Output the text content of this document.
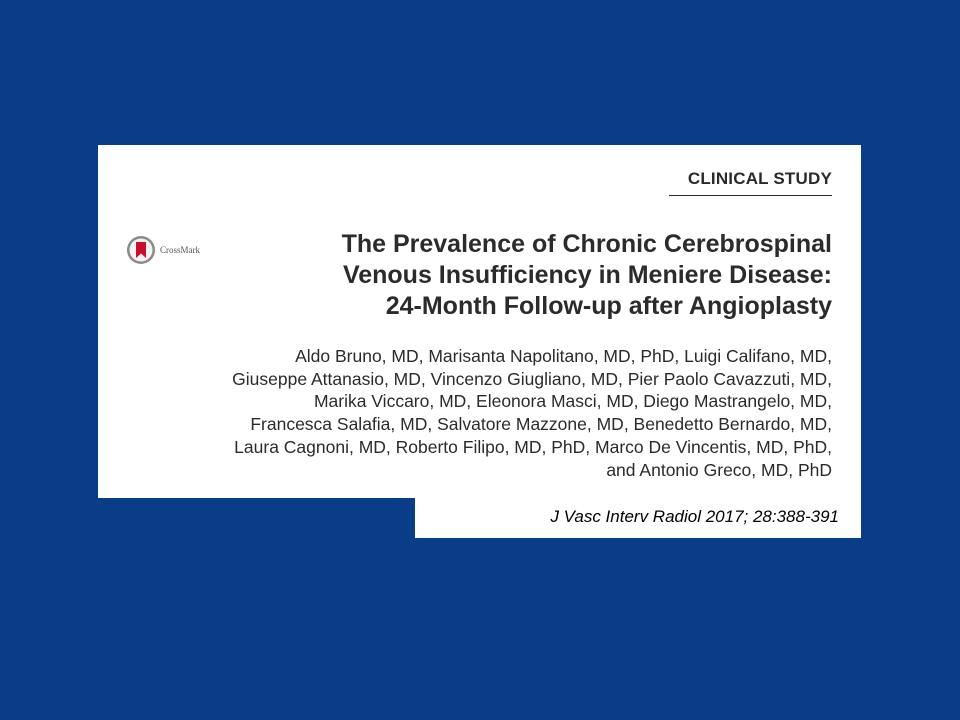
CLINICAL STUDY
CrossMark	The Prevalence of Chronic Cerebrospinal
Venous Insufficiency in Meniere Disease:
24-Month Follow-up after Angioplasty

Aldo Bruno, MD, Marisanta Napolitano, MD, PhD, Luigi Califano, MD,
Giuseppe Attanasio, MD, Vincenzo Giugliano, MD, Pier Paolo Cavazzuti, MD,
Marika Viccaro, MD, Eleonora Masci, MD, Diego Mastrangelo, MD,
Francesca Salafia, MD, Salvatore Mazzone, MD, Benedetto Bernardo, MD,
Laura Cagnoni, MD, Roberto Filipo, MD, PhD, Marco De Vincentis, MD, PhD,
and Antonio Greco, MD, PhD

J Vasc Interv Radiol 2017; 28:388-391
